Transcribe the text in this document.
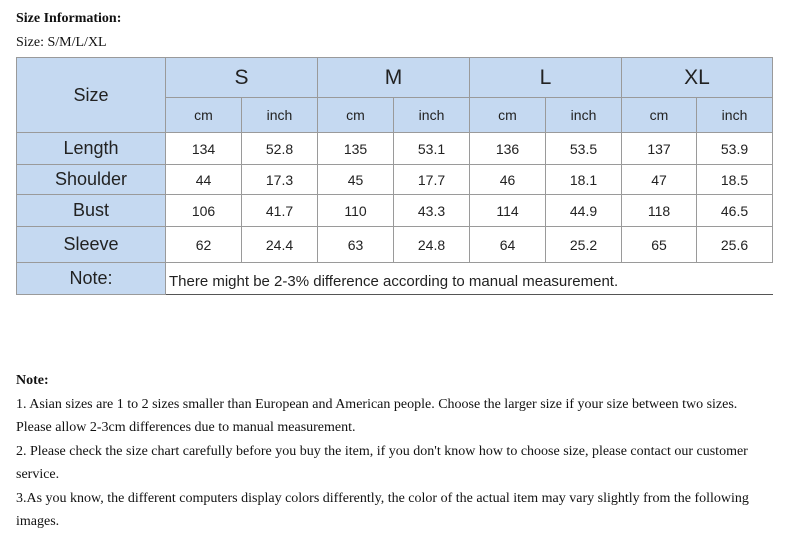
Size Information:
Size: S/M/L/XL
Size	S		M		L		XL	
	cm	inch	cm	inch	cm	inch	cm	inch
Length	134	52.8	135	53.1	136	53.5	137	53.9
Shoulder	44	17.3	45	17.7	46	18.1	47	18.5
Bust	106	41.7	110	43.3	114	44.9	118	46.5
Sleeve	62	24.4	63	24.8	64	25.2	65	25.6
Note:	There might be 2-3% difference according to manual measurement.							

Note:

1. Asian sizes are 1 to 2 sizes smaller than European and American people. Choose the larger size if your size between two sizes. Please allow 2-3cm differences due to manual measurement.

2. Please check the size chart carefully before you buy the item, if you don't know how to choose size, please contact our customer service.

3.As you know, the different computers display colors differently, the color of the actual item may vary slightly from the following images.
